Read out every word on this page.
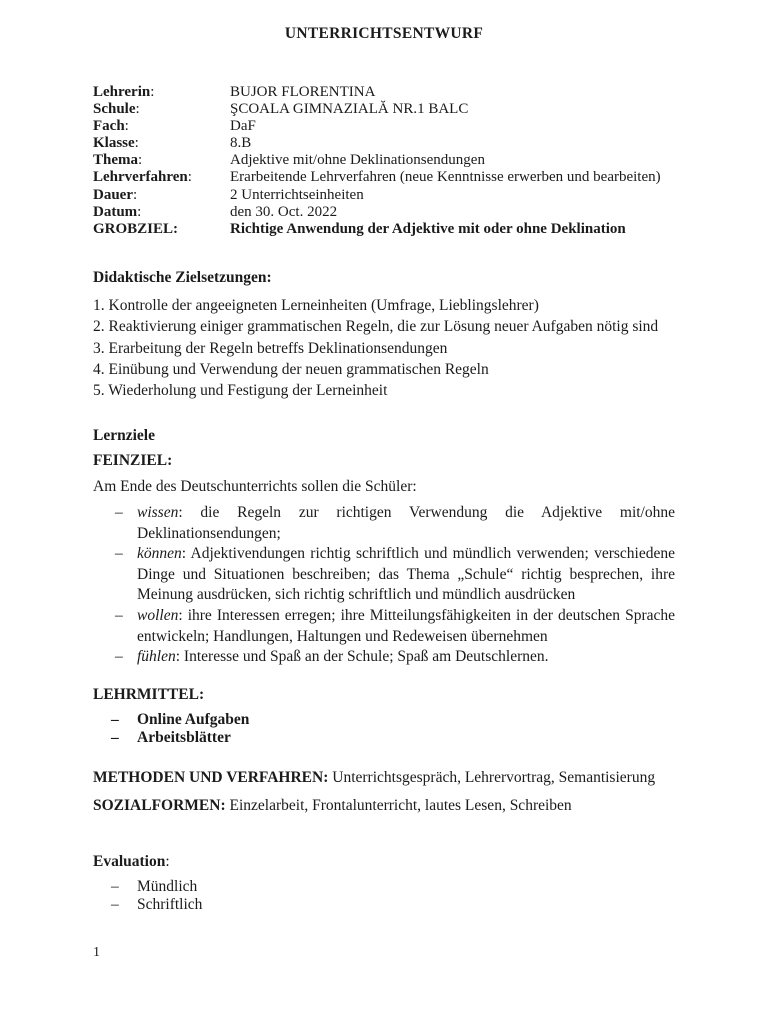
UNTERRICHTSENTWURF
Lehrerin:	BUJOR FLORENTINA
Schule:	ŞCOALA GIMNAZIALĂ NR.1 BALC
Fach:	DaF
Klasse:	8.B
Thema:	Adjektive mit/ohne Deklinationsendungen
Lehrverfahren:	Erarbeitende Lehrverfahren (neue Kenntnisse erwerben und bearbeiten)
Dauer:	2 Unterrichtseinheiten
Datum:	den 30. Oct. 2022
GROBZIEL:	Richtige Anwendung der Adjektive mit oder ohne Deklination
Didaktische Zielsetzungen:
1. Kontrolle der angeeigneten Lerneinheiten (Umfrage, Lieblingslehrer)
2. Reaktivierung einiger grammatischen Regeln, die zur Lösung neuer Aufgaben nötig sind
3. Erarbeitung der Regeln betreffs Deklinationsendungen
4. Einübung und Verwendung der neuen grammatischen Regeln
5. Wiederholung und Festigung der Lerneinheit
Lernziele
FEINZIEL:
Am Ende des Deutschunterrichts sollen die Schüler:
– wissen: die Regeln zur richtigen Verwendung die Adjektive mit/ohne Deklinationsendungen;
– können: Adjektivendungen richtig schriftlich und mündlich verwenden; verschiedene Dinge und Situationen beschreiben; das Thema „Schule“ richtig besprechen, ihre Meinung ausdrücken, sich richtig schriftlich und mündlich ausdrücken
– wollen: ihre Interessen erregen; ihre Mitteilungsfähigkeiten in der deutschen Sprache entwickeln; Handlungen, Haltungen und Redeweisen übernehmen
– fühlen: Interesse und Spaß an der Schule; Spaß am Deutschlernen.
LEHRMITTEL:
– Online Aufgaben
– Arbeitsblätter
METHODEN UND VERFAHREN: Unterrichtsgespräch, Lehrervortrag, Semantisierung
SOZIALFORMEN: Einzelarbeit, Frontalunterricht, lautes Lesen, Schreiben
Evaluation:
– Mündlich
– Schriftlich
1
